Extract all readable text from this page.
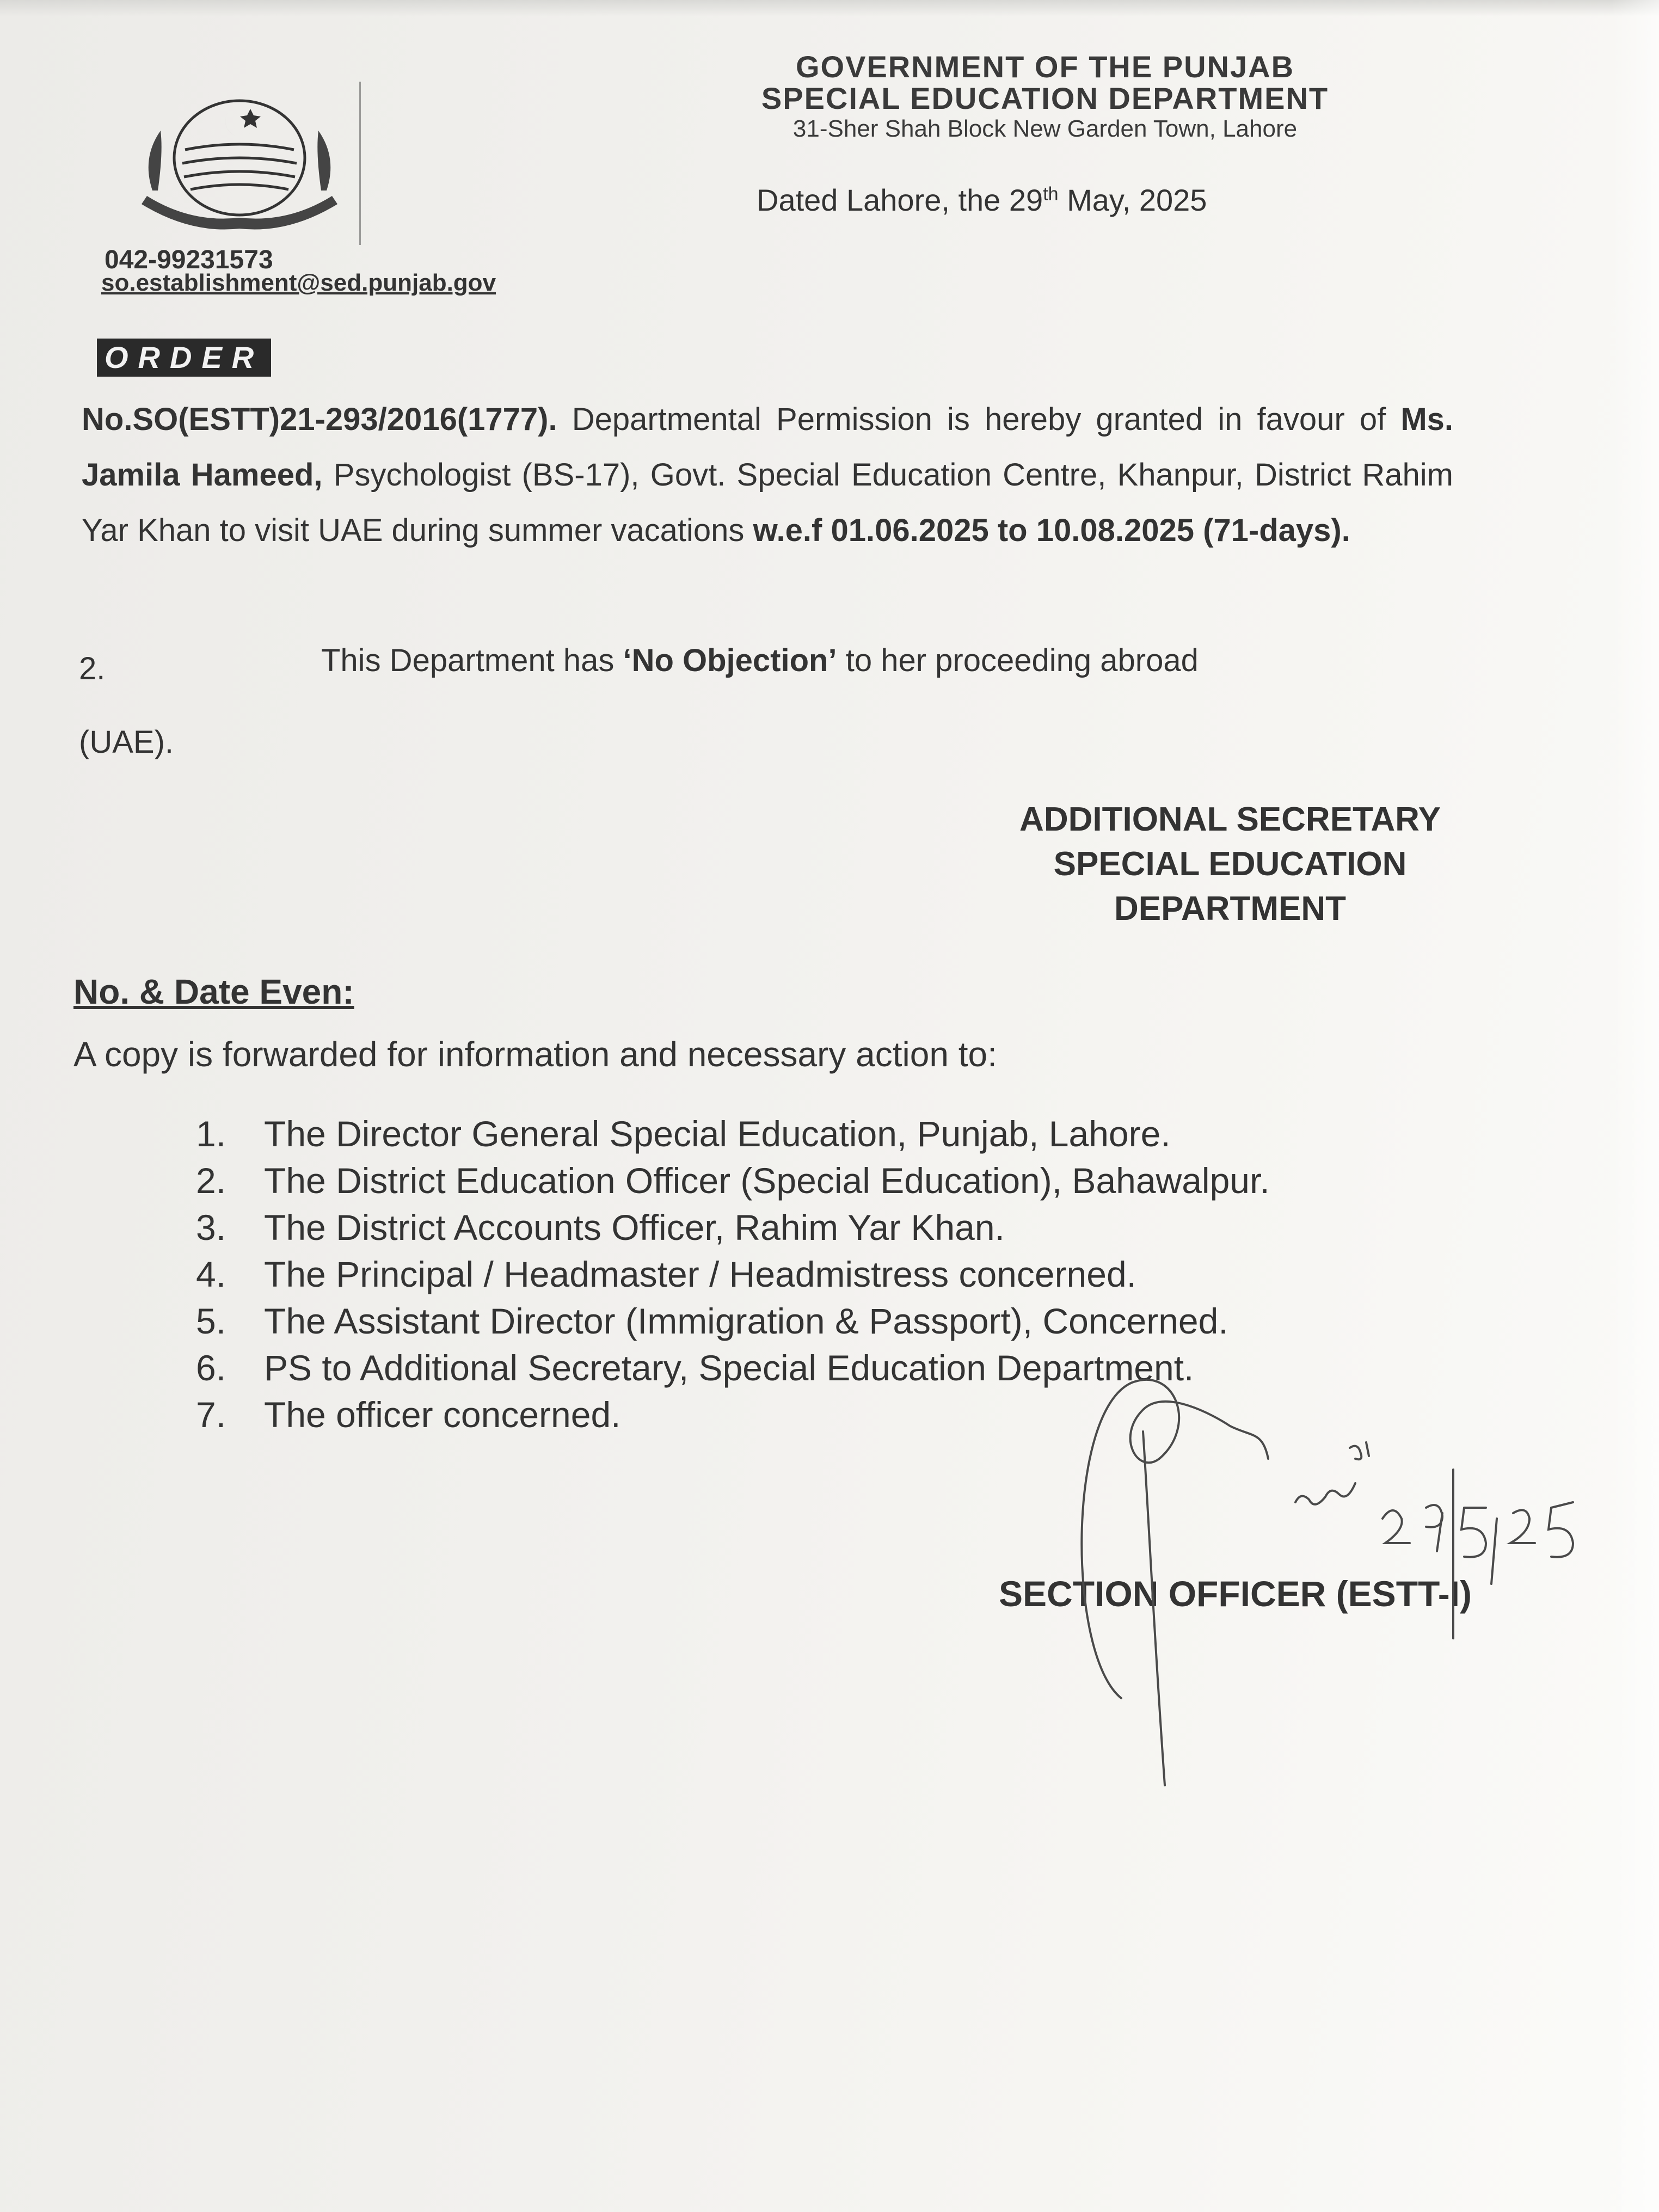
GOVERNMENT OF THE PUNJAB
SPECIAL EDUCATION DEPARTMENT
31-Sher Shah Block New Garden Town, Lahore
Dated Lahore, the 29th May, 2025
042-99231573
so.establishment@sed.punjab.gov
ORDER
No.SO(ESTT)21-293/2016(1777). Departmental Permission is hereby granted in favour of Ms. Jamila Hameed, Psychologist (BS-17), Govt. Special Education Centre, Khanpur, District Rahim Yar Khan to visit UAE during summer vacations w.e.f 01.06.2025 to 10.08.2025 (71-days).
2.	This Department has ‘No Objection’ to her proceeding abroad
(UAE).
ADDITIONAL SECRETARY
SPECIAL EDUCATION
DEPARTMENT
No. & Date Even:
A copy is forwarded for information and necessary action to:
1.	The Director General Special Education, Punjab, Lahore.
2.	The District Education Officer (Special Education), Bahawalpur.
3.	The District Accounts Officer, Rahim Yar Khan.
4.	The Principal / Headmaster / Headmistress concerned.
5.	The Assistant Director (Immigration & Passport), Concerned.
6.	PS to Additional Secretary, Special Education Department.
7.	The officer concerned.
SECTION OFFICER (ESTT-I)
